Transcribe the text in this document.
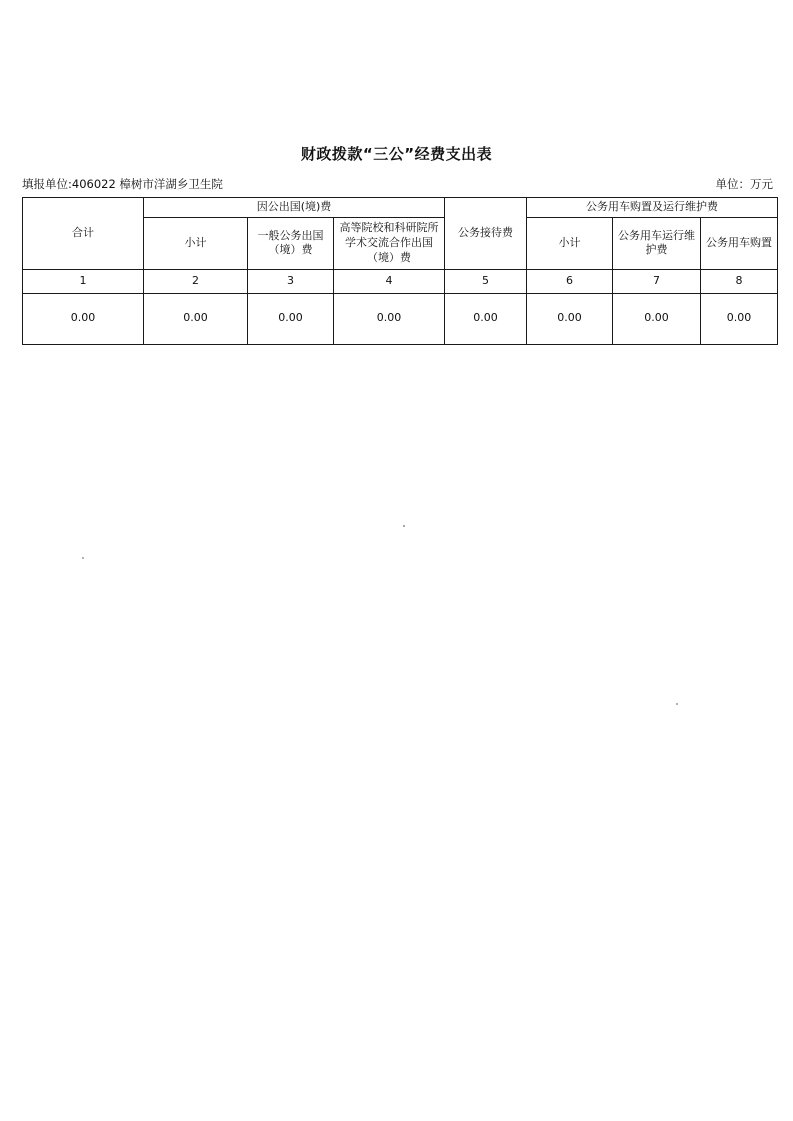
财政拨款“三公”经费支出表
填报单位:406022 樟树市洋湖乡卫生院	单位：万元
合计	因公出国(境)费			公务接待费	公务用车购置及运行维护费		
	小计	一般公务出国（境）费	高等院校和科研院所学术交流合作出国（境）费		小计	公务用车运行维护费	公务用车购置
1	2	3	4	5	6	7	8
0.00	0.00	0.00	0.00	0.00	0.00	0.00	0.00
